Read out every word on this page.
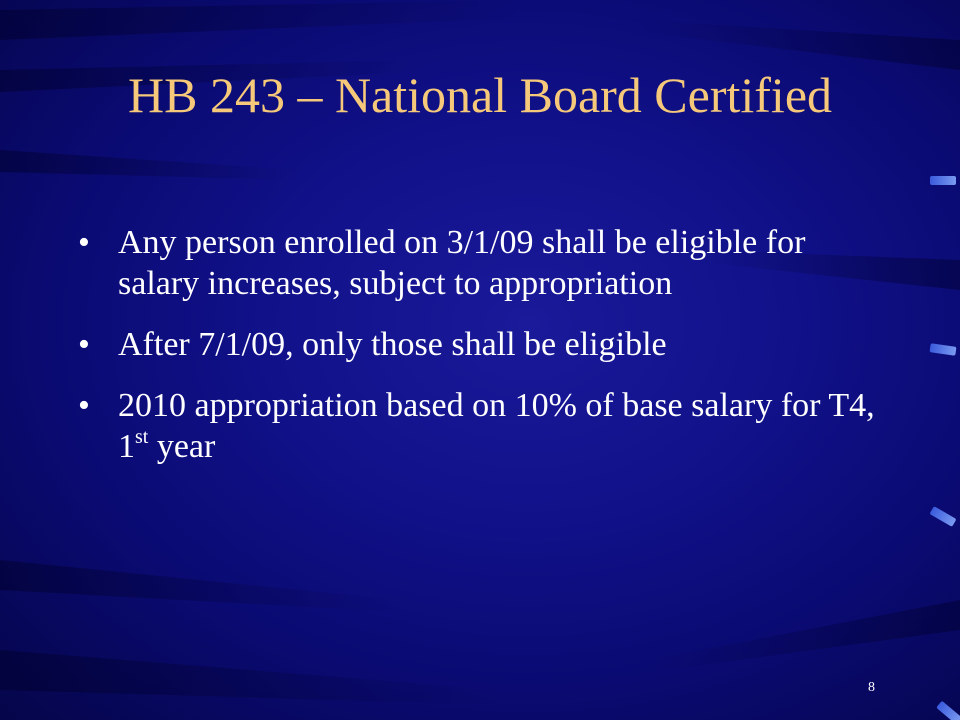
HB 243 – National Board Certified
• Any person enrolled on 3/1/09 shall be eligible for salary increases, subject to appropriation
• After 7/1/09, only those shall be eligible
• 2010 appropriation based on 10% of base salary for T4, 1st year
8
